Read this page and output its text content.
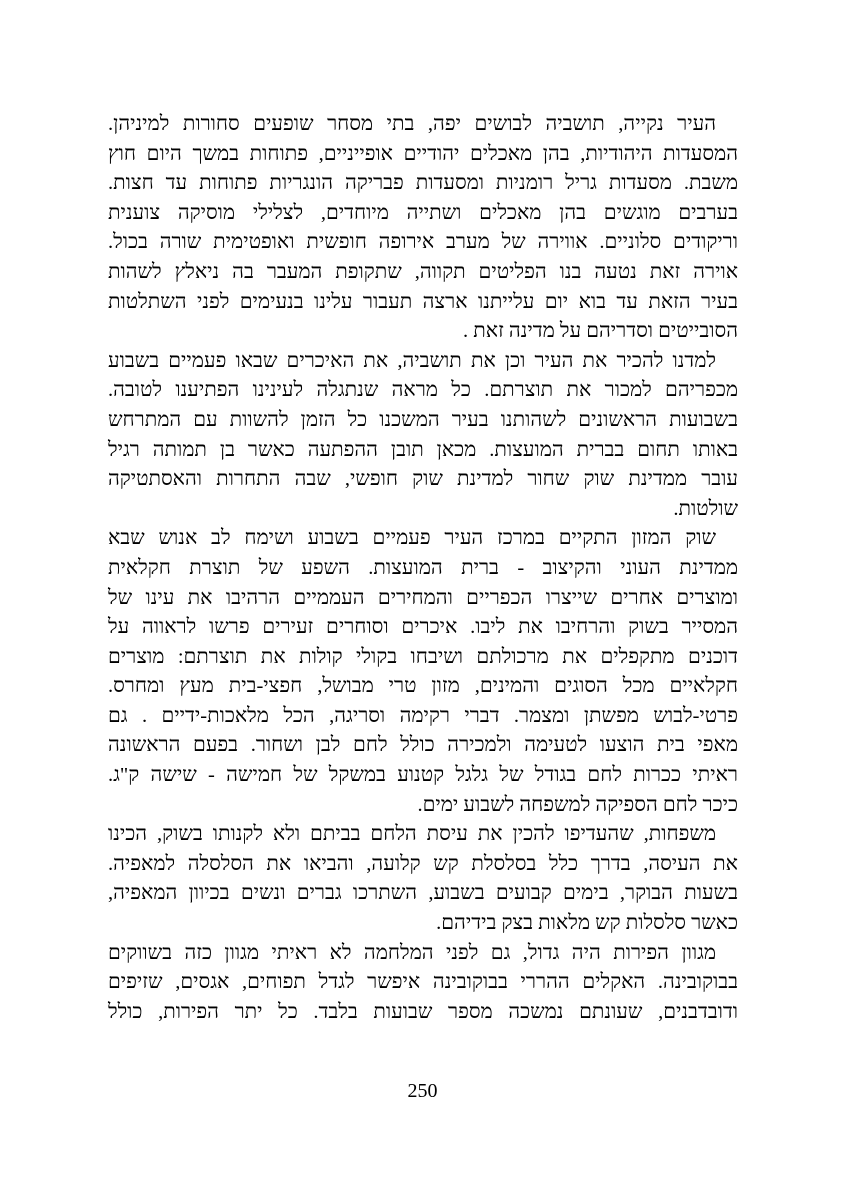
העיר נקייה, תושביה לבושים יפה, בתי מסחר שופעים סחורות למיניהן.
המסעדות היהודיות, בהן מאכלים יהודיים אופייניים, פתוחות במשך היום חוץ
משבת. מסעדות גריל רומניות ומסעדות פבריקה הונגריות פתוחות עד חצות.
בערבים מוגשים בהן מאכלים ושתייה מיוחדים, לצלילי מוסיקה צוענית
וריקודים סלוניים. אווירה של מערב אירופה חופשית ואופטימית שורה בכול.
אוירה זאת נטעה בנו הפליטים תקווה, שתקופת המעבר בה ניאלץ לשהות
בעיר הזאת עד בוא יום עלייתנו ארצה תעבור עלינו בנעימים לפני השתלטות
הסובייטים וסדריהם על מדינה זאת .

למדנו להכיר את העיר וכן את תושביה, את האיכרים שבאו פעמיים בשבוע
מכפריהם למכור את תוצרתם. כל מראה שנתגלה לעינינו הפתיענו לטובה.
בשבועות הראשונים לשהותנו בעיר המשכנו כל הזמן להשוות עם המתרחש
באותו תחום בברית המועצות. מכאן תובן ההפתעה כאשר בן תמותה רגיל
עובר ממדינת שוק שחור למדינת שוק חופשי, שבה התחרות והאסתטיקה
שולטות.

שוק המזון התקיים במרכז העיר פעמיים בשבוע ושימח לב אנוש שבא
ממדינת העוני והקיצוב - ברית המועצות. השפע של תוצרת חקלאית
ומוצרים אחרים שייצרו הכפריים והמחירים העממיים הרהיבו את עינו של
המסייר בשוק והרחיבו את ליבו. איכרים וסוחרים זעירים פרשו לראווה על
דוכנים מתקפלים את מרכולתם ושיבחו בקולי קולות את תוצרתם: מוצרים
חקלאיים מכל הסוגים והמינים, מזון טרי מבושל, חפצי-בית מעץ ומחרס.
פרטי-לבוש מפשתן ומצמר. דברי רקימה וסריגה, הכל מלאכות-ידיים . גם
מאפי בית הוצעו לטעימה ולמכירה כולל לחם לבן ושחור. בפעם הראשונה
ראיתי ככרות לחם בגודל של גלגל קטנוע במשקל של חמישה - שישה ק"ג.
כיכר לחם הספיקה למשפחה לשבוע ימים.

משפחות, שהעדיפו להכין את עיסת הלחם בביתם ולא לקנותו בשוק, הכינו
את העיסה, בדרך כלל בסלסלת קש קלועה, והביאו את הסלסלה למאפיה.
בשעות הבוקר, בימים קבועים בשבוע, השתרכו גברים ונשים בכיוון המאפיה,
כאשר סלסלות קש מלאות בצק בידיהם.

מגוון הפירות היה גדול, גם לפני המלחמה לא ראיתי מגוון כזה בשווקים
בבוקובינה. האקלים ההררי בבוקובינה איפשר לגדל תפוחים, אגסים, שזיפים
ודובדבנים, שעונתם נמשכה מספר שבועות בלבד. כל יתר הפירות, כולל

250
